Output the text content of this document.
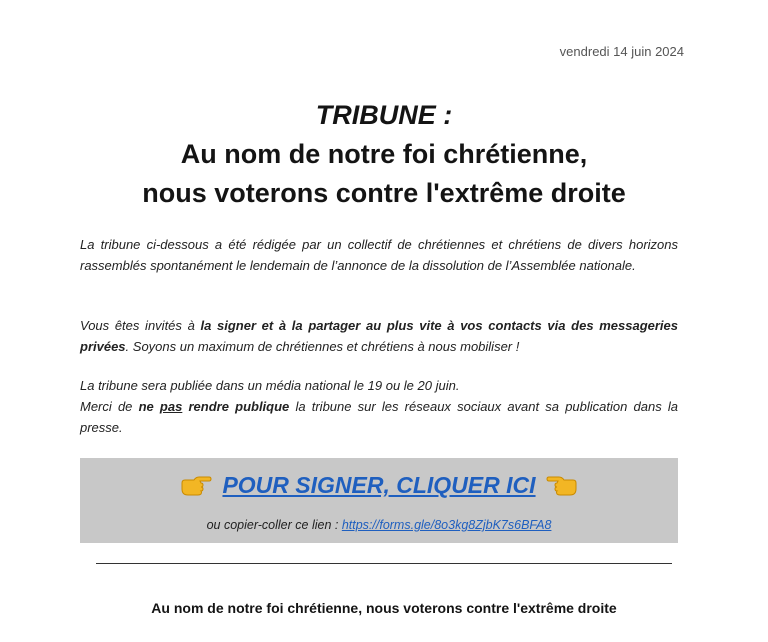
vendredi 14 juin 2024
TRIBUNE :
Au nom de notre foi chrétienne,
nous voterons contre l'extrême droite
La tribune ci-dessous a été rédigée par un collectif de chrétiennes et chrétiens de divers horizons rassemblés spontanément le lendemain de l’annonce de la dissolution de l’Assemblée nationale.
Vous êtes invités à la signer et à la partager au plus vite à vos contacts via des messageries privées. Soyons un maximum de chrétiennes et chrétiens à nous mobiliser !
La tribune sera publiée dans un média national le 19 ou le 20 juin.
Merci de ne pas rendre publique la tribune sur les réseaux sociaux avant sa publication dans la presse.
POUR SIGNER, CLIQUER ICI
ou copier-coller ce lien : https://forms.gle/8o3kg8ZjbK7s6BFA8
Au nom de notre foi chrétienne, nous voterons contre l'extrême droite
